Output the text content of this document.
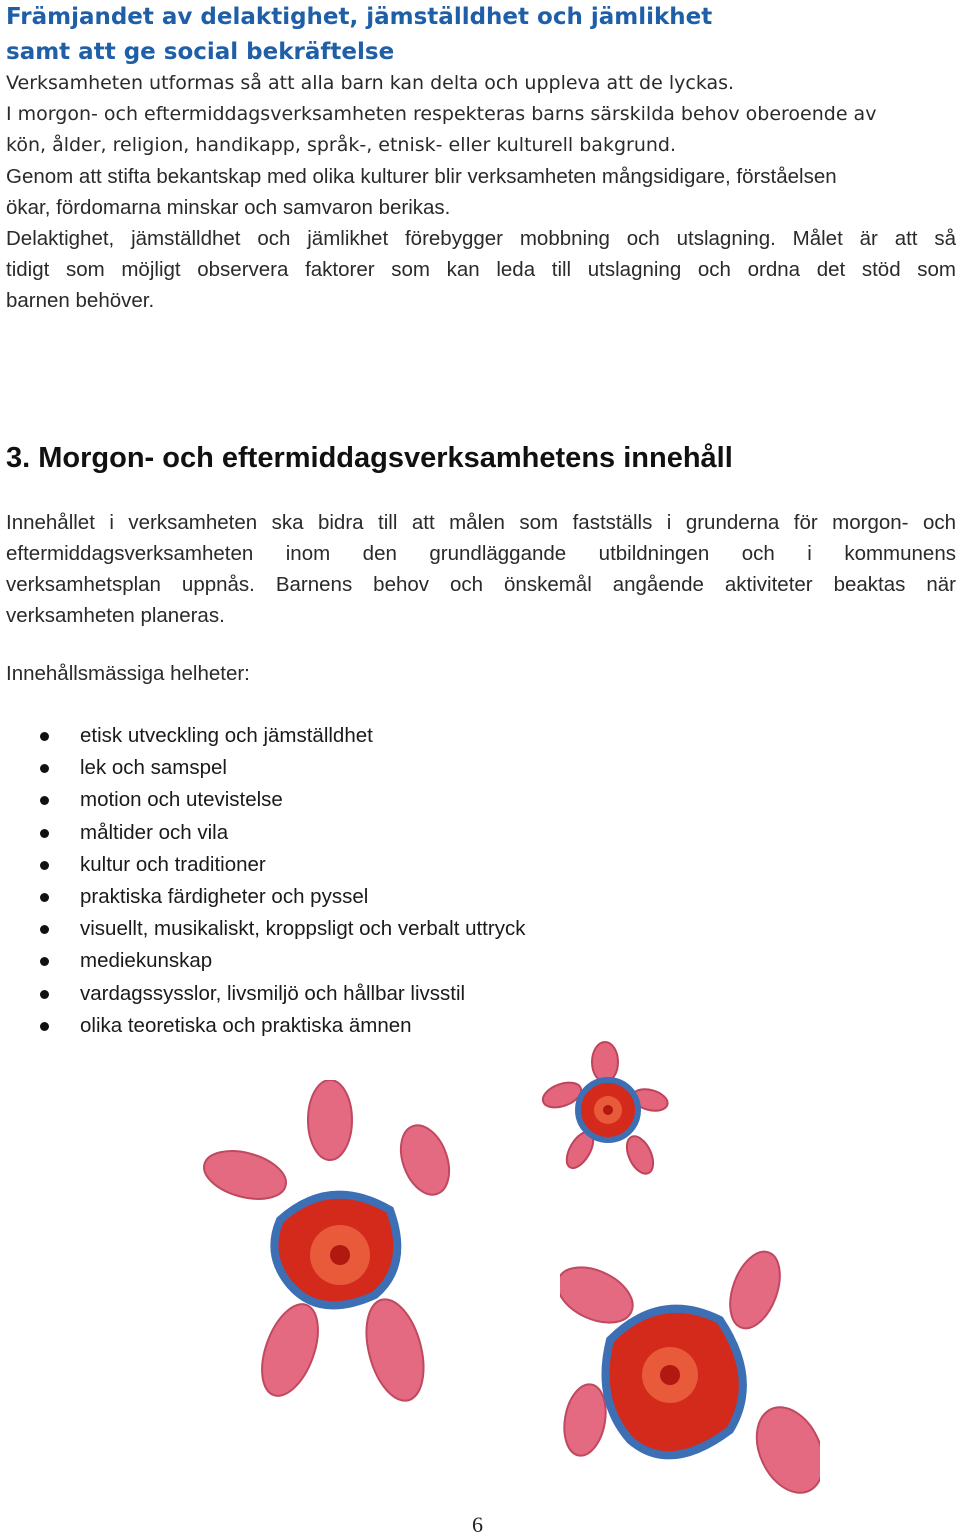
Främjandet av delaktighet, jämställdhet och jämlikhet
samt att ge social bekräftelse
Verksamheten utformas så att alla barn kan delta och uppleva att de lyckas.
I morgon- och eftermiddagsverksamheten respekteras barns särskilda behov oberoende av
kön, ålder, religion, handikapp, språk-, etnisk- eller kulturell bakgrund.
Genom att stifta bekantskap med olika kulturer blir verksamheten mångsidigare, förståelsen
ökar, fördomarna minskar och samvaron berikas.
Delaktighet, jämställdhet och jämlikhet förebygger mobbning och utslagning. Målet är att så
tidigt som möjligt observera faktorer som kan leda till utslagning och ordna det stöd som
barnen behöver.
3. Morgon- och eftermiddagsverksamhetens innehåll
Innehållet i verksamheten ska bidra till att målen som fastställs i grunderna för morgon- och
eftermiddagsverksamheten inom den grundläggande utbildningen och i kommunens
verksamhetsplan uppnås. Barnens behov och önskemål angående aktiviteter beaktas när
verksamheten planeras.
Innehållsmässiga helheter:
etisk utveckling och jämställdhet
lek och samspel
motion och utevistelse
måltider och vila
kultur och traditioner
praktiska färdigheter och pyssel
visuellt, musikaliskt, kroppsligt och verbalt uttryck
mediekunskap
vardagssysslor, livsmiljö och hållbar livsstil
olika teoretiska och praktiska ämnen
6
